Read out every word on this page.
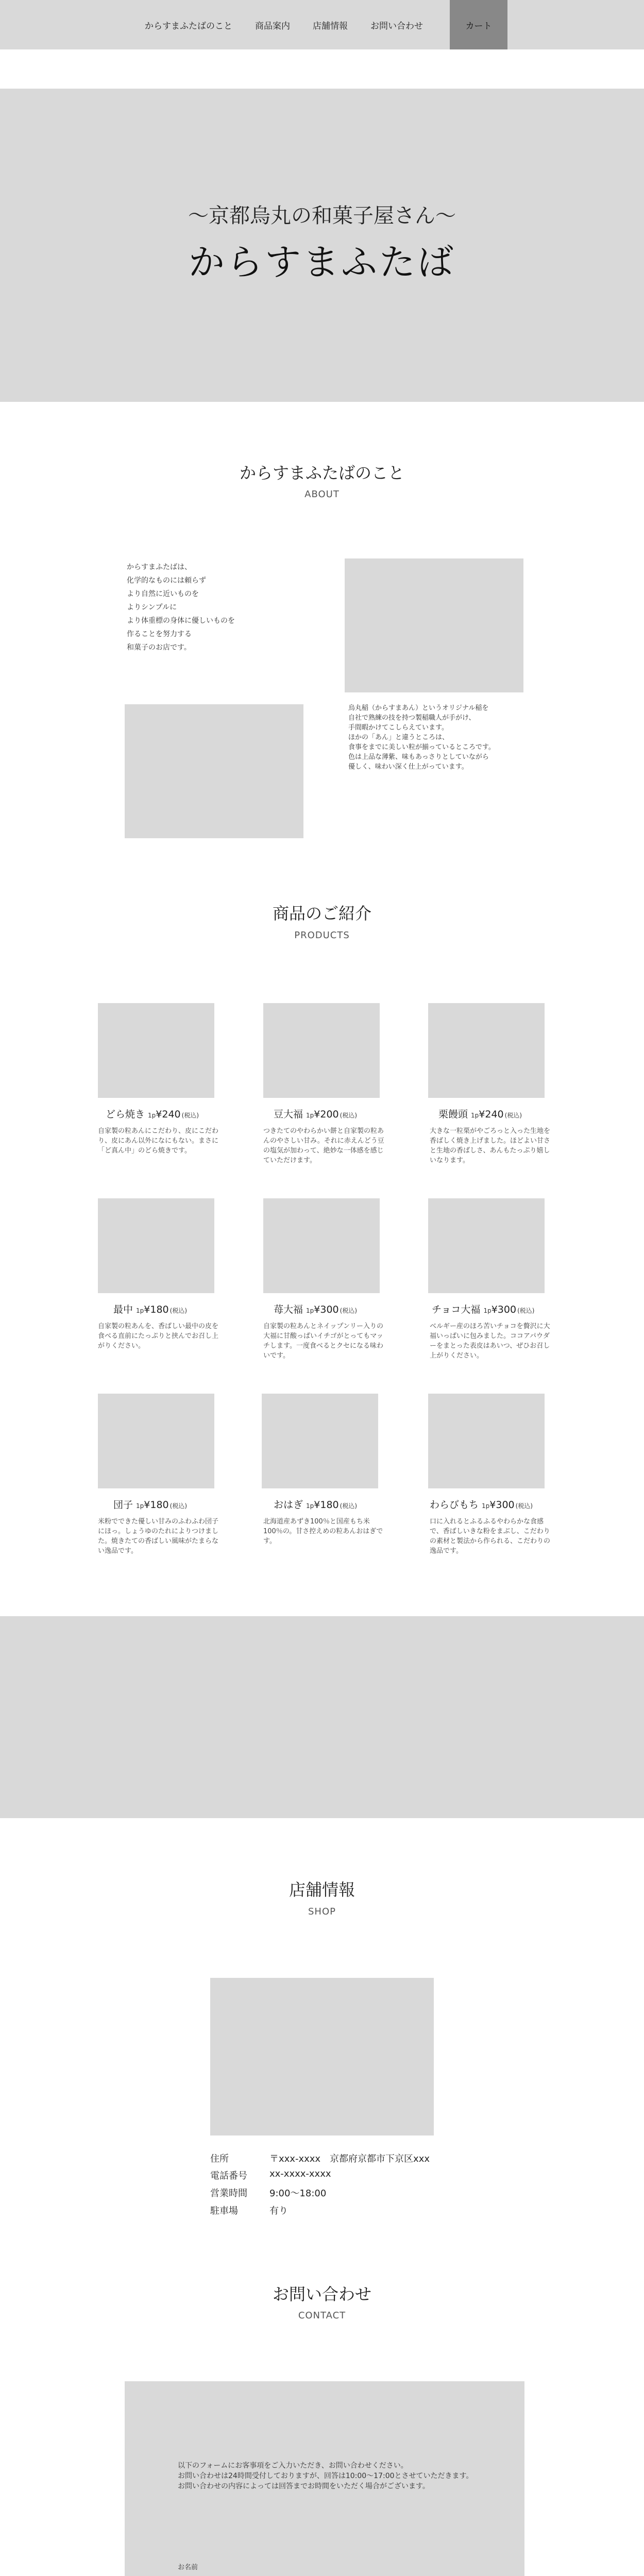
からすまふたばのこと	商品案内	店舗情報	お問い合わせ	カート
〜京都烏丸の和菓子屋さん〜
からすまふたば
からすまふたばのこと
ABOUT
からすまふたばは、
化学的なものには頼らず
より自然に近いものを
よりシンプルに
より体重標の身体に優しいものを
作ることを努力する
和菓子のお店です。
烏丸稲（からすまあん）というオリジナル稲を
自社で熟練の技を持つ製稲職人が手がけ、
手間暇かけてこしらえています。
ほかの「あん」と違うところは、
食事をまでに美しい粒が揃っているところです。
色は上品な薄紫、味もあっさりとしていながら
優しく、味わい深く仕上がっています。
商品のご紹介
PRODUCTS
どら焼き 1p¥240 (税込)
自家製の粒あんにこだわり、皮にこだわり、皮にあん以外になにもない。まさに「ど真ん中」のどら焼きです。
豆大福 1p¥200 (税込)
つきたてのやわらかい餅と自家製の粒あんのやさしい甘み。それに赤えんどう豆の塩気が加わって、絶妙な一体感を感じていただけます。
栗饅頭 1p¥240 (税込)
大きな一粒栗がやごろっと入った生地を香ばしく焼き上げました。ほどよい甘さと生地の香ばしさ、あんもたっぷり嬉しいなります。
最中 1p¥180 (税込)
自家製の粒あんを、香ばしい最中の皮を食べる直前にたっぷりと挟んでお召し上がりください。
苺大福 1p¥300 (税込)
自家製の粒あんとネイップンリー入りの大福に甘酸っぱいイチゴがとってもマッチします。一度食べるとクセになる味わいです。
チョコ大福 1p¥300 (税込)
ベルギー産のほろ苦いチョコを贅沢に大福いっぱいに包みました。ココアパウダーをまとった表皮はあいつ、ぜひお召し上がりください。
団子 1p¥180 (税込)
米粉でできた優しい甘みのふわふわ団子にほっ。しょうゆのたれによりつけました。焼きたての香ばしい風味がたまらない逸品です。
おはぎ 1p¥180 (税込)
北海道産あずき100％と国産もち米100％の。甘さ控えめの粒あんおはぎです。
わらびもち 1p¥300 (税込)
口に入れるとふるふるやわらかな食感で、香ばしいきな粉をまぶし、こだわりの素材と製法から作られる、こだわりの逸品です。
店舗情報
SHOP
住所	〒xxx-xxxx　京都府京都市下京区xxx
電話番号	xx-xxxx-xxxx
営業時間	9:00〜18:00
駐車場	有り
お問い合わせ
CONTACT
以下のフォームにお客事項をご入力いただき、お問い合わせください。
お問い合わせは24時間受付しておりますが、回答は10:00〜17:00とさせていただきます。
お問い合わせの内容によっては回答までお時間をいただく場合がございます。
お名前
